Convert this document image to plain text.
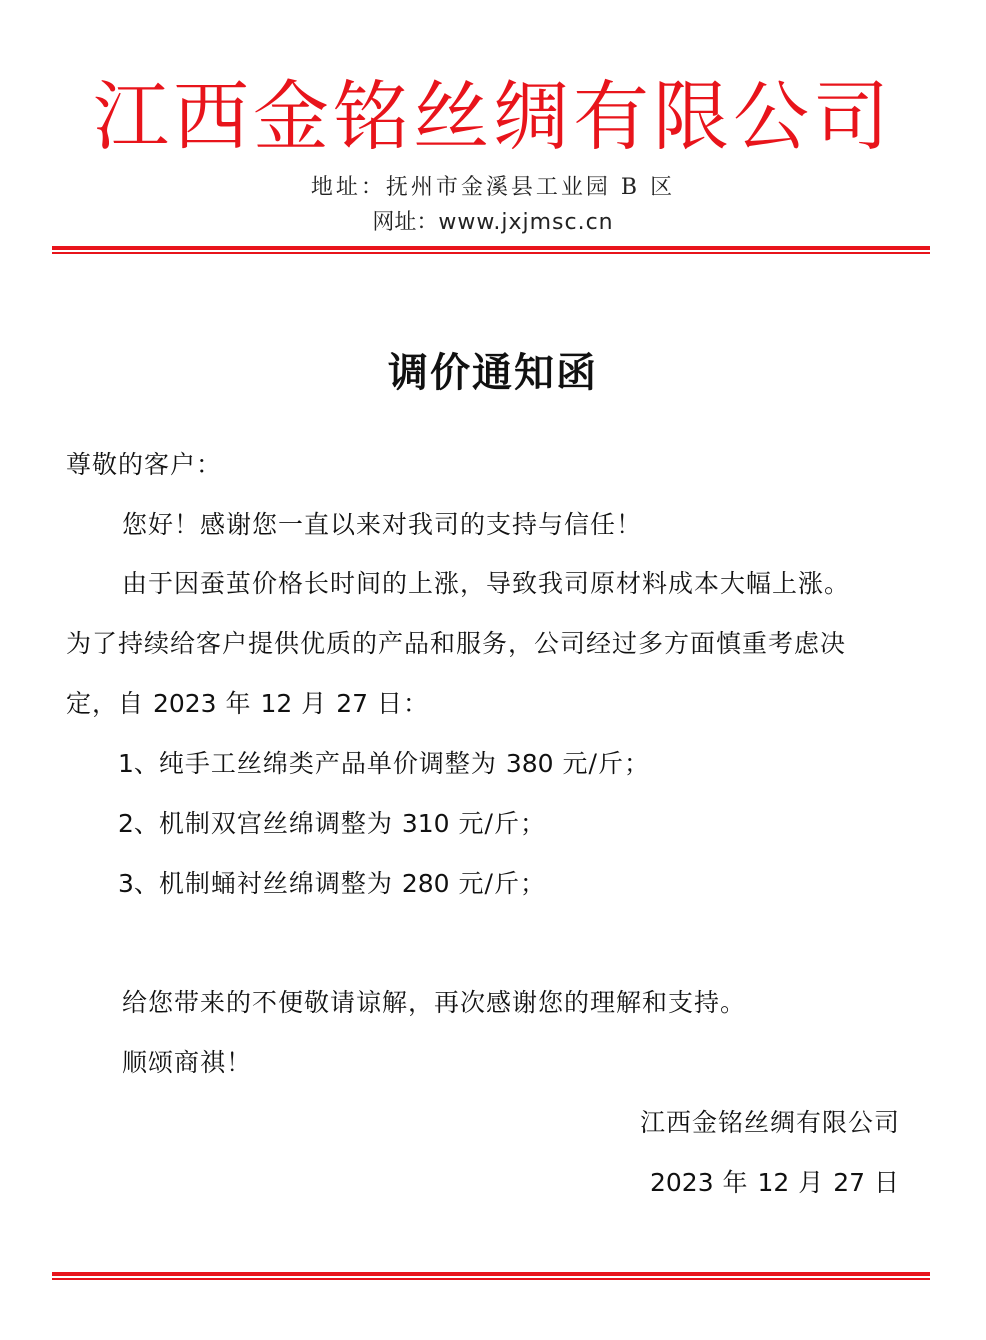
江西金铭丝绸有限公司
地址：抚州市金溪县工业园 B 区
网址：www.jxjmsc.cn
调价通知函
尊敬的客户：
您好！感谢您一直以来对我司的支持与信任！
由于因蚕茧价格长时间的上涨，导致我司原材料成本大幅上涨。
为了持续给客户提供优质的产品和服务，公司经过多方面慎重考虑决
定，自 2023 年 12 月 27 日：
1、纯手工丝绵类产品单价调整为 380 元/斤；
2、机制双宫丝绵调整为 310 元/斤；
3、机制蛹衬丝绵调整为 280 元/斤；
给您带来的不便敬请谅解，再次感谢您的理解和支持。
顺颂商祺！
江西金铭丝绸有限公司
2023 年 12 月 27 日
